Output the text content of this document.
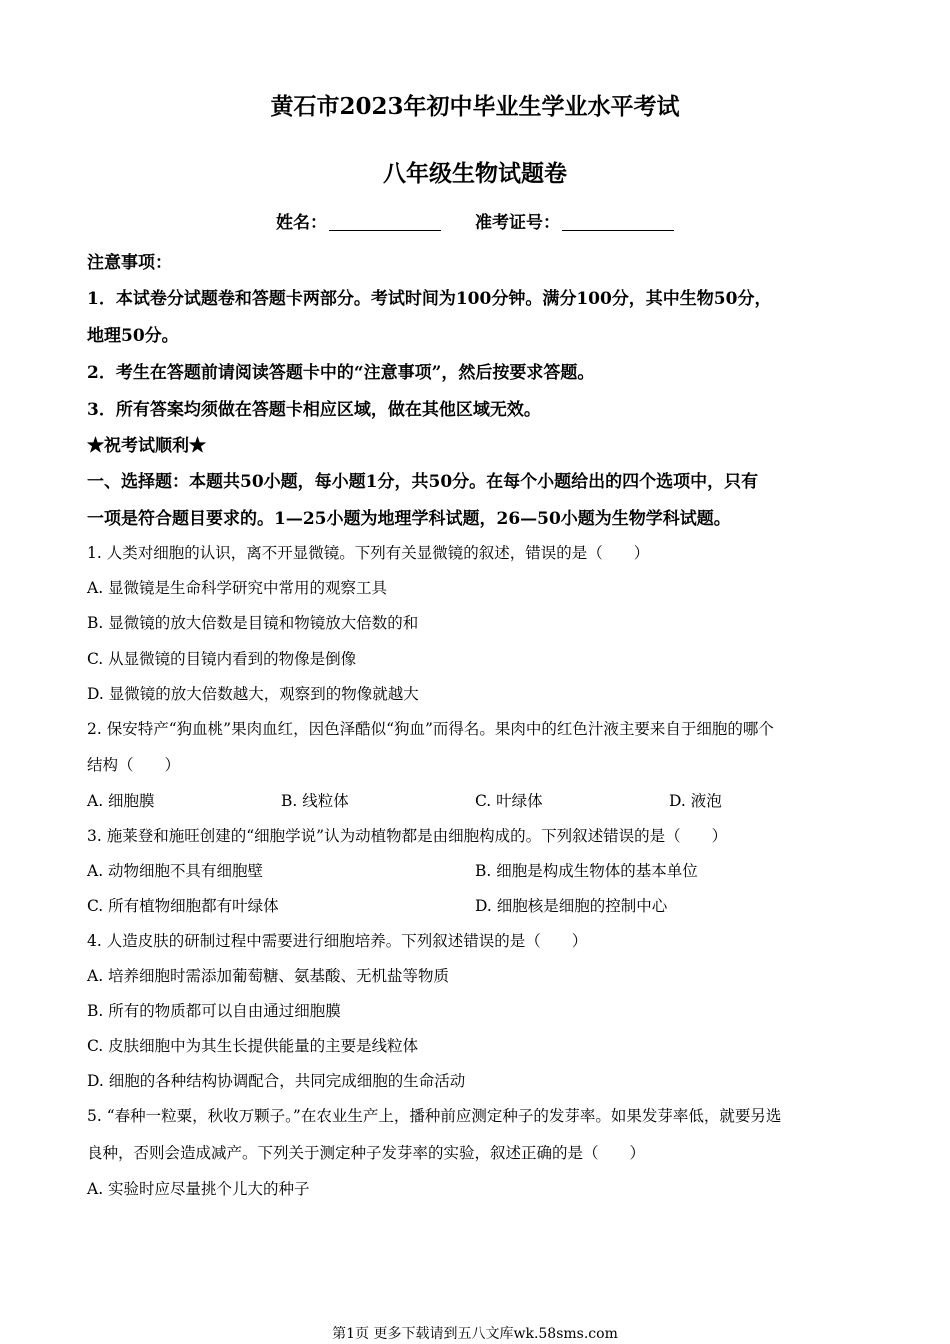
黄石市2023年初中毕业生学业水平考试
八年级生物试题卷
姓名：	准考证号：
注意事项：
1．本试卷分试题卷和答题卡两部分。考试时间为100分钟。满分100分，其中生物50分，
地理50分。
2．考生在答题前请阅读答题卡中的“注意事项”，然后按要求答题。
3．所有答案均须做在答题卡相应区域，做在其他区域无效。
★祝考试顺利★
一、选择题：本题共50小题，每小题1分，共50分。在每个小题给出的四个选项中，只有
一项是符合题目要求的。1—25小题为地理学科试题，26—50小题为生物学科试题。
1. 人类对细胞的认识，离不开显微镜。下列有关显微镜的叙述，错误的是（　　）
A. 显微镜是生命科学研究中常用的观察工具
B. 显微镜的放大倍数是目镜和物镜放大倍数的和
C. 从显微镜的目镜内看到的物像是倒像
D. 显微镜的放大倍数越大，观察到的物像就越大
2. 保安特产“狗血桃”果肉血红，因色泽酷似“狗血”而得名。果肉中的红色汁液主要来自于细胞的哪个
结构（　　）
A. 细胞膜	B. 线粒体	C. 叶绿体	D. 液泡
3. 施莱登和施旺创建的“细胞学说”认为动植物都是由细胞构成的。下列叙述错误的是（　　）
A. 动物细胞不具有细胞壁	B. 细胞是构成生物体的基本单位
C. 所有植物细胞都有叶绿体	D. 细胞核是细胞的控制中心
4. 人造皮肤的研制过程中需要进行细胞培养。下列叙述错误的是（　　）
A. 培养细胞时需添加葡萄糖、氨基酸、无机盐等物质
B. 所有的物质都可以自由通过细胞膜
C. 皮肤细胞中为其生长提供能量的主要是线粒体
D. 细胞的各种结构协调配合，共同完成细胞的生命活动
5. “春种一粒粟，秋收万颗子。”在农业生产上，播种前应测定种子的发芽率。如果发芽率低，就要另选
良种，否则会造成减产。下列关于测定种子发芽率的实验，叙述正确的是（　　）
A. 实验时应尽量挑个儿大的种子
第1页 更多下载请到五八文库wk.58sms.com
